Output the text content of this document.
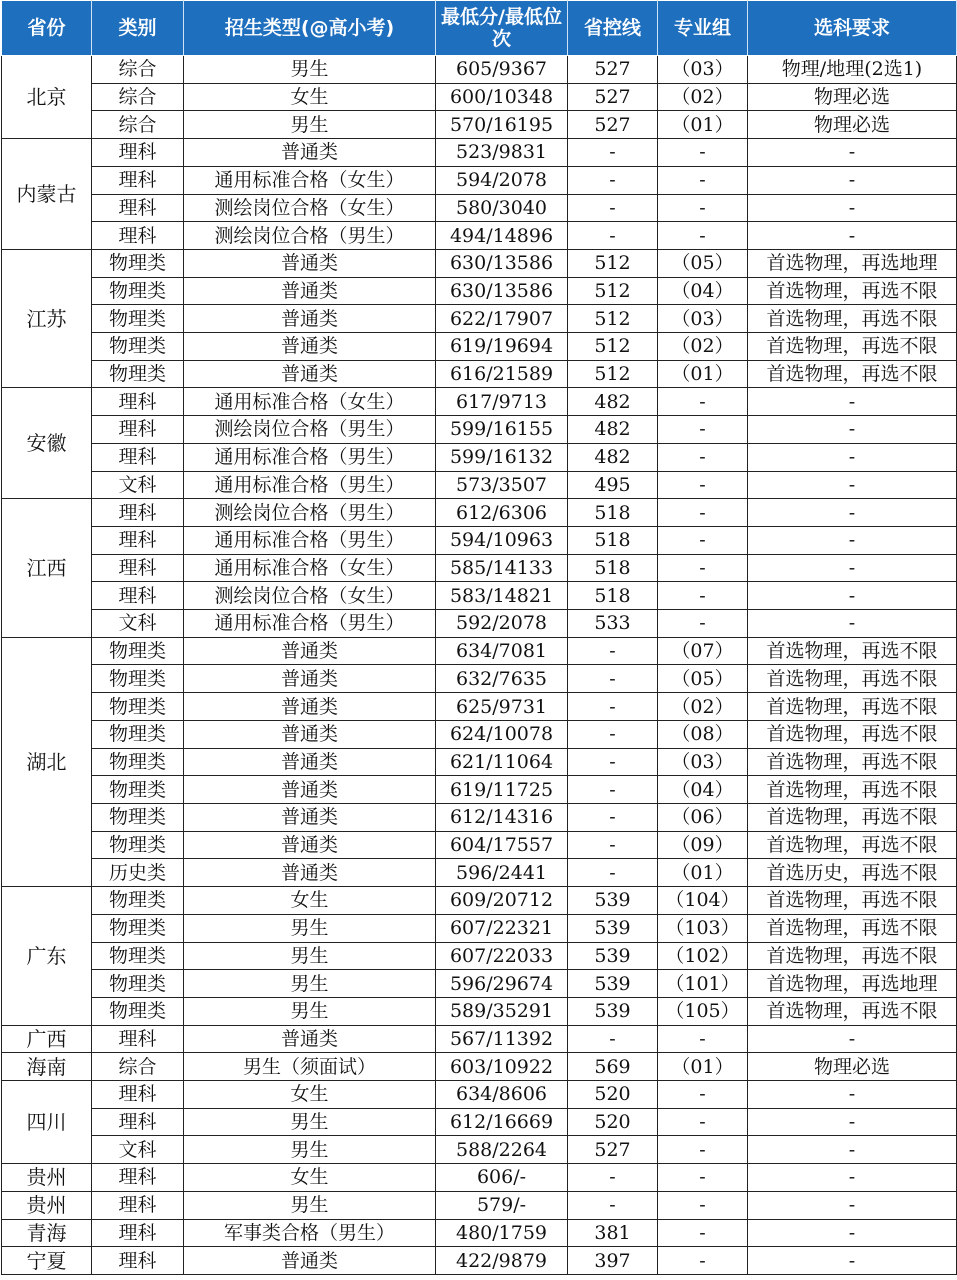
省份	类别	招生类型(@高小考)	最低分/最低位次	省控线	专业组	选科要求
北京	综合	男生	605/9367	527	（03）	物理/地理(2选1)
	综合	女生	600/10348	527	（02）	物理必选
	综合	男生	570/16195	527	（01）	物理必选
内蒙古	理科	普通类	523/9831	-	-	-
	理科	通用标准合格（女生）	594/2078	-	-	-
	理科	测绘岗位合格（女生）	580/3040	-	-	-
	理科	测绘岗位合格（男生）	494/14896	-	-	-
江苏	物理类	普通类	630/13586	512	（05）	首选物理，再选地理
	物理类	普通类	630/13586	512	（04）	首选物理，再选不限
	物理类	普通类	622/17907	512	（03）	首选物理，再选不限
	物理类	普通类	619/19694	512	（02）	首选物理，再选不限
	物理类	普通类	616/21589	512	（01）	首选物理，再选不限
安徽	理科	通用标准合格（女生）	617/9713	482	-	-
	理科	测绘岗位合格（男生）	599/16155	482	-	-
	理科	通用标准合格（男生）	599/16132	482	-	-
	文科	通用标准合格（男生）	573/3507	495	-	-
江西	理科	测绘岗位合格（男生）	612/6306	518	-	-
	理科	通用标准合格（男生）	594/10963	518	-	-
	理科	通用标准合格（女生）	585/14133	518	-	-
	理科	测绘岗位合格（女生）	583/14821	518	-	-
	文科	通用标准合格（男生）	592/2078	533	-	-
湖北	物理类	普通类	634/7081	-	（07）	首选物理，再选不限
	物理类	普通类	632/7635	-	（05）	首选物理，再选不限
	物理类	普通类	625/9731	-	（02）	首选物理，再选不限
	物理类	普通类	624/10078	-	（08）	首选物理，再选不限
	物理类	普通类	621/11064	-	（03）	首选物理，再选不限
	物理类	普通类	619/11725	-	（04）	首选物理，再选不限
	物理类	普通类	612/14316	-	（06）	首选物理，再选不限
	物理类	普通类	604/17557	-	（09）	首选物理，再选不限
	历史类	普通类	596/2441	-	（01）	首选历史，再选不限
广东	物理类	女生	609/20712	539	（104）	首选物理，再选不限
	物理类	男生	607/22321	539	（103）	首选物理，再选不限
	物理类	男生	607/22033	539	（102）	首选物理，再选不限
	物理类	男生	596/29674	539	（101）	首选物理，再选地理
	物理类	男生	589/35291	539	（105）	首选物理，再选不限
广西	理科	普通类	567/11392	-	-	-
海南	综合	男生（须面试）	603/10922	569	（01）	物理必选
四川	理科	女生	634/8606	520	-	-
	理科	男生	612/16669	520	-	-
	文科	男生	588/2264	527	-	-
贵州	理科	女生	606/-	-	-	-
贵州	理科	男生	579/-	-	-	-
青海	理科	军事类合格（男生）	480/1759	381	-	-
宁夏	理科	普通类	422/9879	397	-	-
